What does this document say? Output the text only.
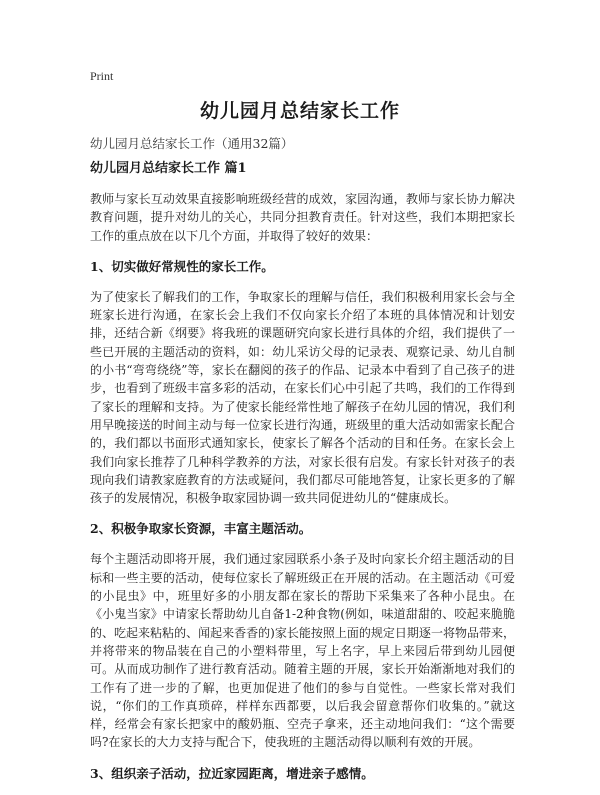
Print
幼儿园月总结家长工作
幼儿园月总结家长工作（通用32篇）
幼儿园月总结家长工作 篇1

教师与家长互动效果直接影响班级经营的成效，家园沟通，教师与家长协力解决教育问题，提升对幼儿的关心，共同分担教育责任。针对这些，我们本期把家长工作的重点放在以下几个方面，并取得了较好的效果：

1、切实做好常规性的家长工作。

为了使家长了解我们的工作，争取家长的理解与信任，我们积极利用家长会与全班家长进行沟通，在家长会上我们不仅向家长介绍了本班的具体情况和计划安排，还结合新《纲要》将我班的课题研究向家长进行具体的介绍，我们提供了一些已开展的主题活动的资料，如：幼儿采访父母的记录表、观察记录、幼儿自制的小书“弯弯绕绕”等，家长在翻阅的孩子的作品、记录本中看到了自己孩子的进步，也看到了班级丰富多彩的活动，在家长们心中引起了共鸣，我们的工作得到了家长的理解和支持。为了使家长能经常性地了解孩子在幼儿园的情况，我们利用早晚接送的时间主动与每一位家长进行沟通，班级里的重大活动如需家长配合的，我们都以书面形式通知家长，使家长了解各个活动的目和任务。在家长会上我们向家长推荐了几种科学教养的方法，对家长很有启发。有家长针对孩子的表现向我们请教家庭教育的方法或疑问，我们都尽可能地答复，让家长更多的了解孩子的发展情况，积极争取家园协调一致共同促进幼儿的“健康成长。

2、积极争取家长资源，丰富主题活动。

每个主题活动即将开展，我们通过家园联系小条子及时向家长介绍主题活动的目标和一些主要的活动，使每位家长了解班级正在开展的活动。在主题活动《可爱的小昆虫》中，班里好多的小朋友都在家长的帮助下采集来了各种小昆虫。在《小鬼当家》中请家长帮助幼儿自备1-2种食物(例如，味道甜甜的、咬起来脆脆的、吃起来粘粘的、闻起来香香的)家长能按照上面的规定日期逐一将物品带来，并将带来的物品装在自己的小塑料带里，写上名字，早上来园后带到幼儿园便可。从而成功制作了进行教育活动。随着主题的开展，家长开始渐渐地对我们的工作有了进一步的了解，也更加促进了他们的参与自觉性。一些家长常对我们说，“你们的工作真琐碎，样样东西都要，以后我会留意帮你们收集的。”就这样，经常会有家长把家中的酸奶瓶、空壳子拿来，还主动地问我们：“这个需要吗?在家长的大力支持与配合下，使我班的主题活动得以顺利有效的开展。

3、组织亲子活动，拉近家园距离，增进亲子感情。
